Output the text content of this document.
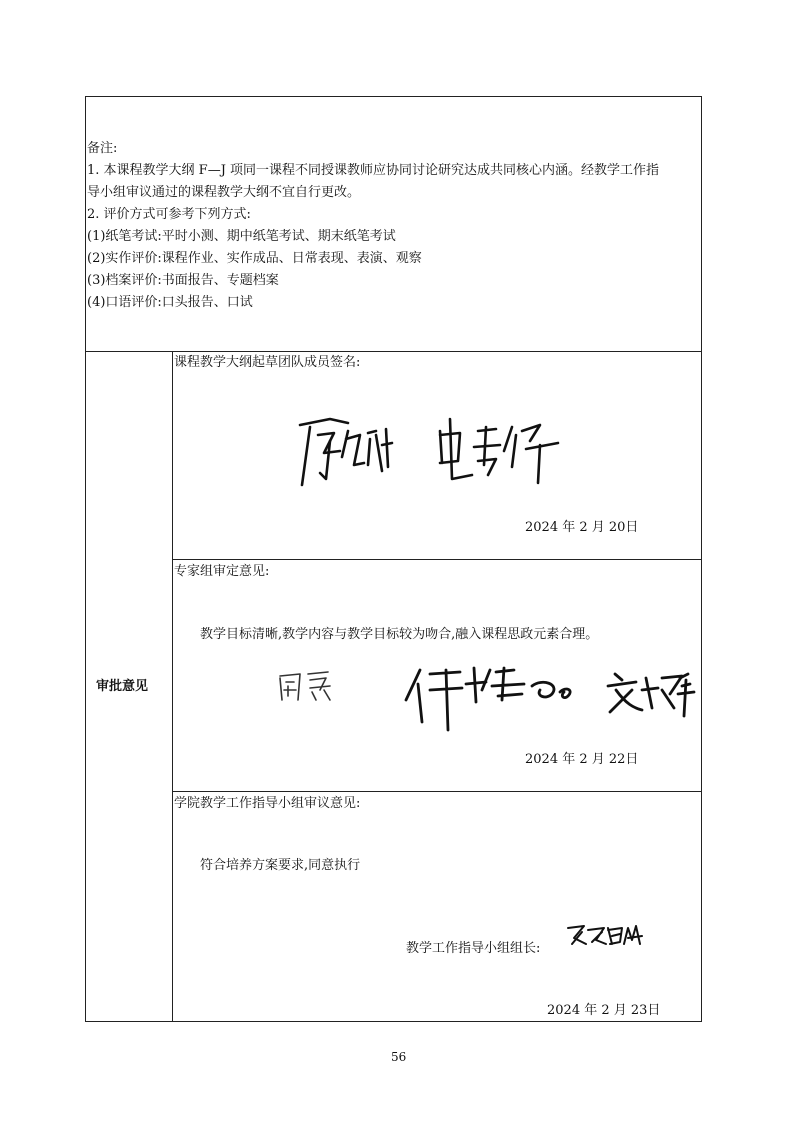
备注:
1. 本课程教学大纲 F—J 项同一课程不同授课教师应协同讨论研究达成共同核心内涵。经教学工作指
导小组审议通过的课程教学大纲不宜自行更改。
2. 评价方式可参考下列方式:
(1)纸笔考试:平时小测、期中纸笔考试、期末纸笔考试
(2)实作评价:课程作业、实作成品、日常表现、表演、观察
(3)档案评价:书面报告、专题档案
(4)口语评价:口头报告、口试
审批意见
课程教学大纲起草团队成员签名:
2024 年 2 月 20日
专家组审定意见:
教学目标清晰,教学内容与教学目标较为吻合,融入课程思政元素合理。
2024 年 2 月 22日
学院教学工作指导小组审议意见:
符合培养方案要求,同意执行
教学工作指导小组组长:
2024 年 2 月 23日
56
